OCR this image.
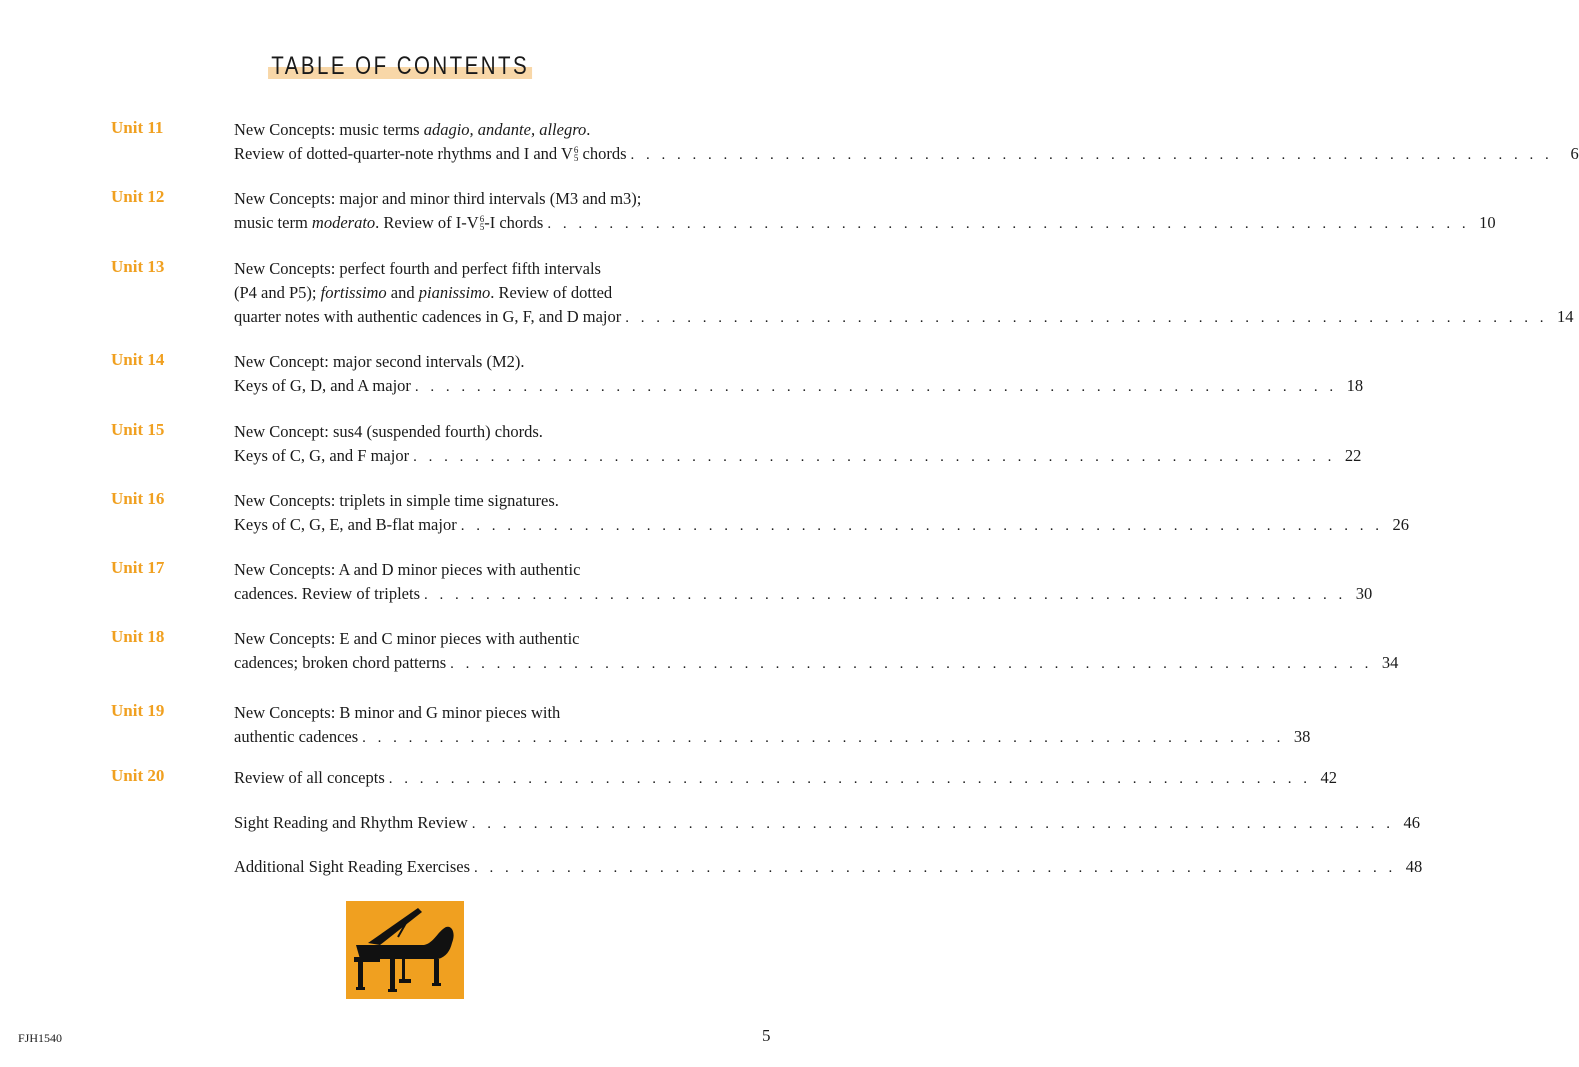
TABLE OF CONTENTS
Unit 11	New Concepts: music terms adagio, andante, allegro.
Review of dotted-quarter-note rhythms and I and V 6
5 chords . . . . . . . . . . . . . . . . . . . . . . . . . . . . . . . . . . . . . . . . . . . . . . . . . . . . . . . . . . . .	6
Unit 12	New Concepts: major and minor third intervals (M3 and m3);
music term moderato. Review of I-V 6
5 -I chords . . . . . . . . . . . . . . . . . . . . . . . . . . . . . . . . . . . . . . . . . . . . . . . . . . . . . . . . . . . . 10
Unit 13	New Concepts: perfect fourth and perfect fifth intervals
(P4 and P5); fortissimo and pianissimo. Review of dotted
quarter notes with authentic cadences in G, F, and D major . . . . . . . . . . . . . . . . . . . . . . . . . . . . . . . . . . . . . . . . . . . . . . . . . . . . . . . . . . . . 14
Unit 14	New Concept: major second intervals (M2).
Keys of G, D, and A major . . . . . . . . . . . . . . . . . . . . . . . . . . . . . . . . . . . . . . . . . . . . . . . . . . . . . . . . . . . . 18
Unit 15	New Concept: sus4 (suspended fourth) chords.
Keys of C, G, and F major . . . . . . . . . . . . . . . . . . . . . . . . . . . . . . . . . . . . . . . . . . . . . . . . . . . . . . . . . . . . 22
Unit 16	New Concepts: triplets in simple time signatures.
Keys of C, G, E, and B-flat major . . . . . . . . . . . . . . . . . . . . . . . . . . . . . . . . . . . . . . . . . . . . . . . . . . . . . . . . . . . . 26
Unit 17	New Concepts: A and D minor pieces with authentic
cadences. Review of triplets . . . . . . . . . . . . . . . . . . . . . . . . . . . . . . . . . . . . . . . . . . . . . . . . . . . . . . . . . . . . 30
Unit 18	New Concepts: E and C minor pieces with authentic
cadences; broken chord patterns . . . . . . . . . . . . . . . . . . . . . . . . . . . . . . . . . . . . . . . . . . . . . . . . . . . . . . . . . . . . 34
Unit 19	New Concepts: B minor and G minor pieces with
authentic cadences . . . . . . . . . . . . . . . . . . . . . . . . . . . . . . . . . . . . . . . . . . . . . . . . . . . . . . . . . . . . 38
Unit 20	Review of all concepts . . . . . . . . . . . . . . . . . . . . . . . . . . . . . . . . . . . . . . . . . . . . . . . . . . . . . . . . . . . . 42
Sight Reading and Rhythm Review . . . . . . . . . . . . . . . . . . . . . . . . . . . . . . . . . . . . . . . . . . . . . . . . . . . . . . . . . . . . 46
Additional Sight Reading Exercises . . . . . . . . . . . . . . . . . . . . . . . . . . . . . . . . . . . . . . . . . . . . . . . . . . . . . . . . . . . . 48
FJH1540	5
